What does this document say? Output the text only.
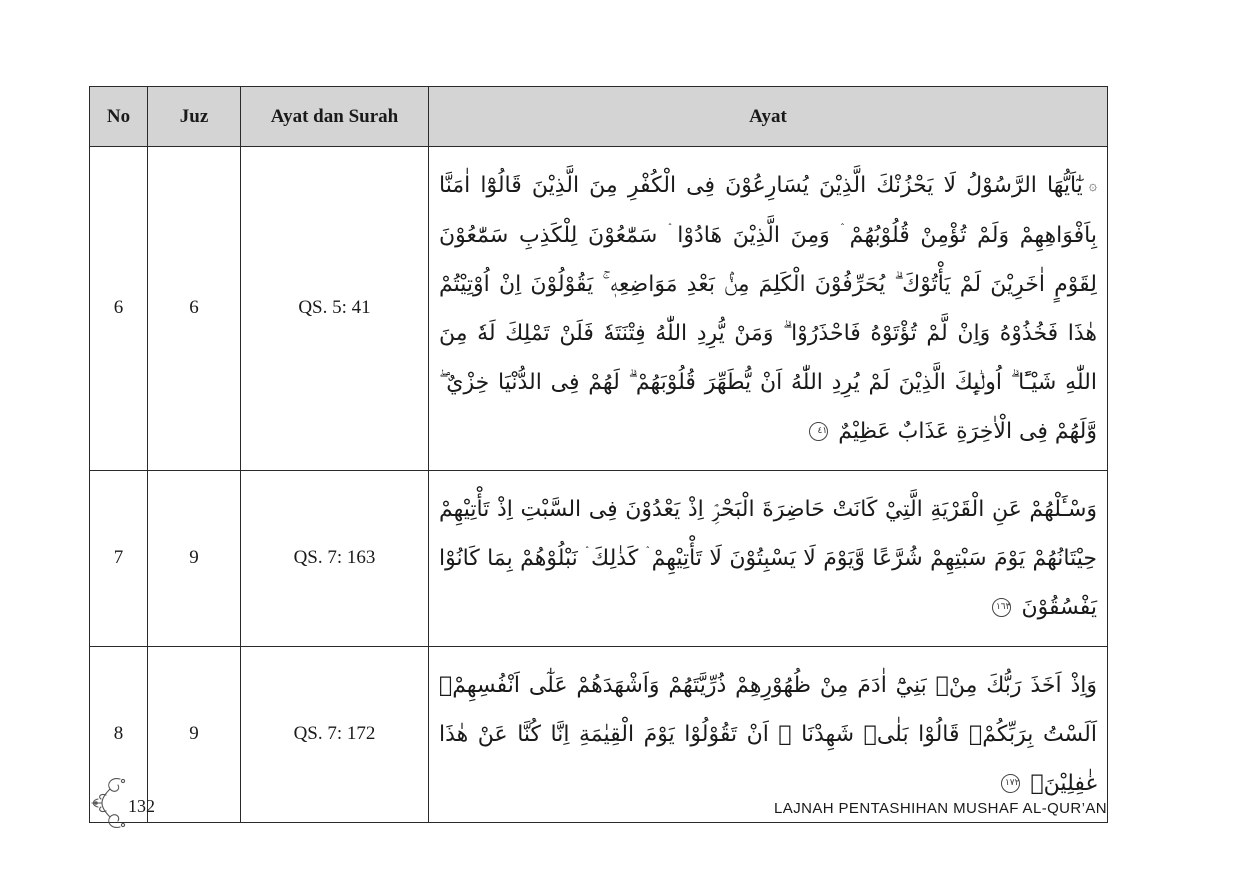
No	Juz	Ayat dan Surah	Ayat
6	6	QS. 5: 41	۞يٰٓاَيُّهَا الرَّسُوْلُ لَا يَحْزُنْكَ الَّذِيْنَ يُسَارِعُوْنَ فِى الْكُفْرِ مِنَ الَّذِيْنَ قَالُوْٓا اٰمَنَّا بِاَفْوَاهِهِمْ وَلَمْ تُؤْمِنْ قُلُوْبُهُمْ ۛ وَمِنَ الَّذِيْنَ هَادُوْا ۛ سَمّٰعُوْنَ لِلْكَذِبِ سَمّٰعُوْنَ لِقَوْمٍ اٰخَرِيْنَ لَمْ يَأْتُوْكَ ۗ يُحَرِّفُوْنَ الْكَلِمَ مِنْۢ بَعْدِ مَوَاضِعِهٖ ۚ يَقُوْلُوْنَ اِنْ اُوْتِيْتُمْ هٰذَا فَخُذُوْهُ وَاِنْ لَّمْ تُؤْتَوْهُ فَاحْذَرُوْا ۗ وَمَنْ يُّرِدِ اللّٰهُ فِتْنَتَهٗ فَلَنْ تَمْلِكَ لَهٗ مِنَ اللّٰهِ شَيْـًٔا ۗ اُولٰۤىِٕكَ الَّذِيْنَ لَمْ يُرِدِ اللّٰهُ اَنْ يُّطَهِّرَ قُلُوْبَهُمْ ۗ لَهُمْ فِى الدُّنْيَا خِزْيٌ ۖ وَّلَهُمْ فِى الْاٰخِرَةِ عَذَابٌ عَظِيْمٌ ٤١

7	9	QS. 7: 163	وَسْـَٔلْهُمْ عَنِ الْقَرْيَةِ الَّتِيْ كَانَتْ حَاضِرَةَ الْبَحْرِۘ اِذْ يَعْدُوْنَ فِى السَّبْتِ اِذْ تَأْتِيْهِمْ حِيْتَانُهُمْ يَوْمَ سَبْتِهِمْ شُرَّعًا وَّيَوْمَ لَا يَسْبِتُوْنَ لَا تَأْتِيْهِمْ ۛ كَذٰلِكَ ۛ نَبْلُوْهُمْ بِمَا كَانُوْا يَفْسُقُوْنَ ١٦٣

8	9	QS. 7: 172	وَاِذْ اَخَذَ رَبُّكَ مِنْۢ بَنِيْٓ اٰدَمَ مِنْ ظُهُوْرِهِمْ ذُرِّيَّتَهُمْ وَاَشْهَدَهُمْ عَلٰٓى اَنْفُسِهِمْۚ اَلَسْتُ بِرَبِّكُمْۗ قَالُوْا بَلٰىۛ شَهِدْنَا ۛ اَنْ تَقُوْلُوْا يَوْمَ الْقِيٰمَةِ اِنَّا كُنَّا عَنْ هٰذَا غٰفِلِيْنَۙ ١٧٢
132	LAJNAH PENTASHIHAN MUSHAF AL-QUR’AN
